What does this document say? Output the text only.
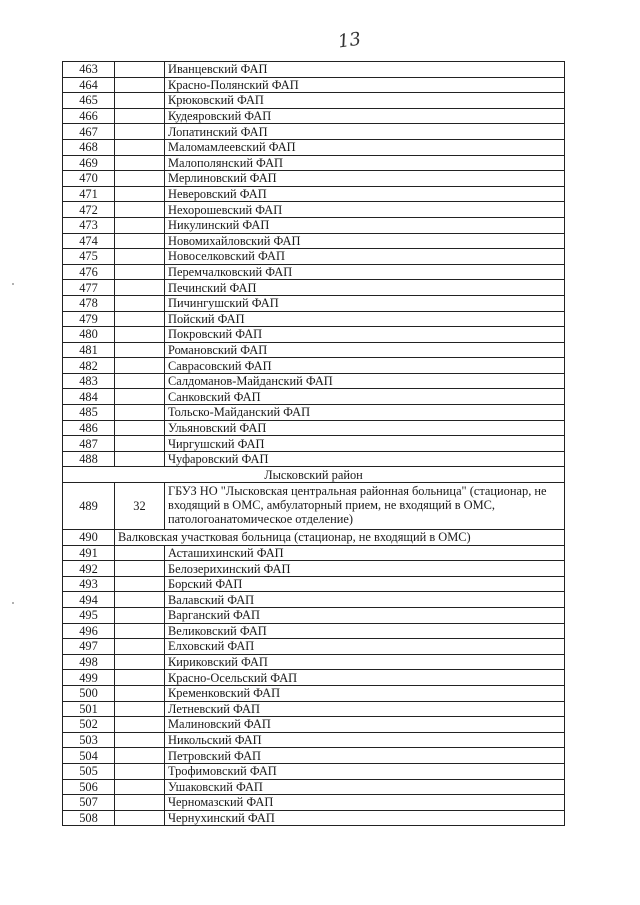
13
463		Иванцевский ФАП
464		Красно-Полянский ФАП
465		Крюковский ФАП
466		Кудеяровский ФАП
467		Лопатинский ФАП
468		Маломамлеевский ФАП
469		Малополянский ФАП
470		Мерлиновский ФАП
471		Неверовский ФАП
472		Нехорошевский ФАП
473		Никулинский ФАП
474		Новомихайловский ФАП
475		Новоселковский ФАП
476		Перемчалковский ФАП
477		Печинский ФАП
478		Пичингушский ФАП
479		Пойский ФАП
480		Покровский ФАП
481		Романовский ФАП
482		Саврасовский ФАП
483		Салдоманов-Майданский ФАП
484		Санковский ФАП
485		Тольско-Майданский ФАП
486		Ульяновский ФАП
487		Чиргушский ФАП
488		Чуфаровский ФАП
Лысковский район		
489	32	ГБУЗ НО "Лысковская центральная районная больница" (стационар, не входящий в ОМС, амбулаторный прием, не входящий в ОМС, патологоанатомическое отделение)
490	Валковская участковая больница (стационар, не входящий в ОМС)	
491		Асташихинский ФАП
492		Белозерихинский ФАП
493		Борский ФАП
494		Валавский ФАП
495		Варганский ФАП
496		Великовский ФАП
497		Елховский ФАП
498		Кириковский ФАП
499		Красно-Осельский ФАП
500		Кременковский ФАП
501		Летневский ФАП
502		Малиновский ФАП
503		Никольский ФАП
504		Петровский ФАП
505		Трофимовский ФАП
506		Ушаковский ФАП
507		Черномазский ФАП
508		Чернухинский ФАП
